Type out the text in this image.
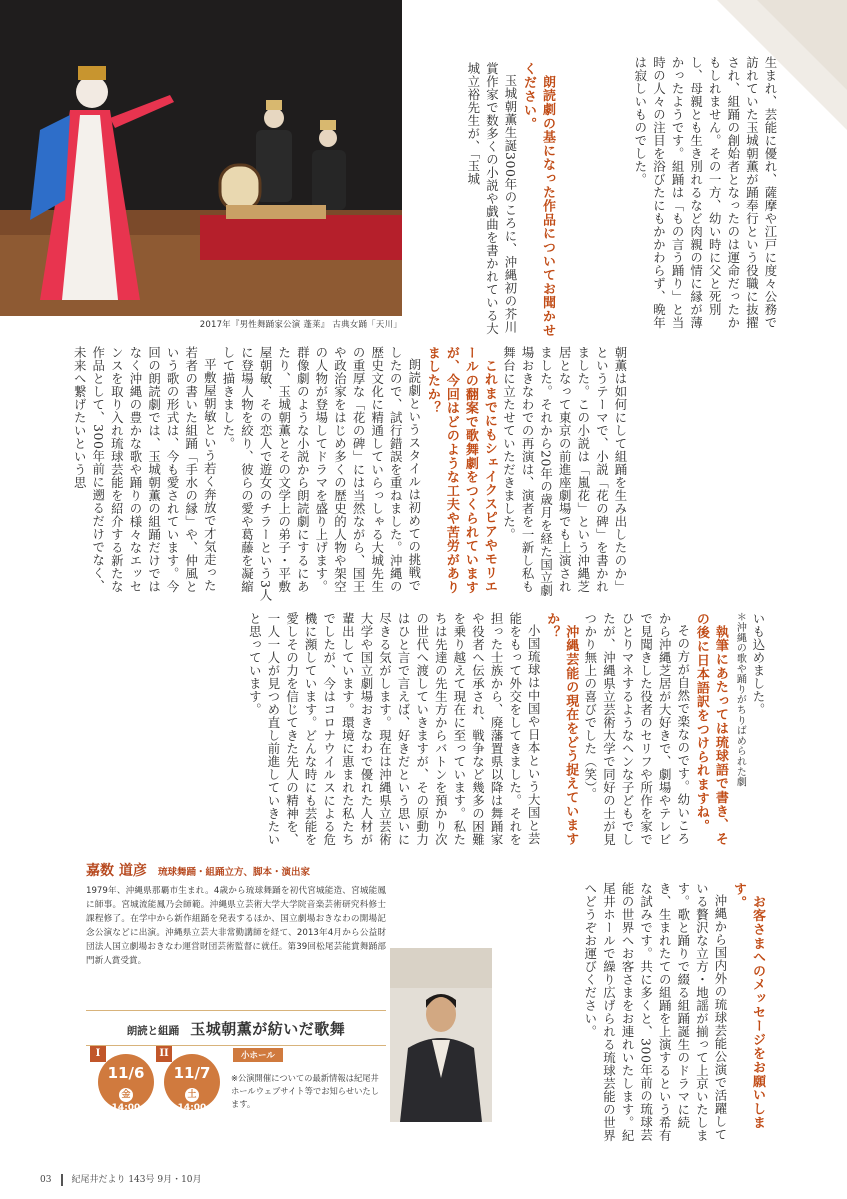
2017年『男性舞踊家公演 蓬莱』 古典女踊「天川」	生まれ、芸能に優れ、薩摩や江戸に度々公務で訪れていた玉城朝薫が踊奉行という役職に抜擢され、組踊の創始者となったのは運命だったかもしれません。その一方、幼い時に父と死別し、母親とも生き別れるなど肉親の情に縁が薄かったようです。組踊は「もの言う踊り」と当時の人々の注目を浴びたにもかかわらず、晩年は寂しいものでした。

朗読劇の基になった作品についてお聞かせください。

玉城朝薫生誕300年のころに、沖縄初の芥川賞作家で数多くの小説や戯曲を書かれている大城立裕先生が、「玉城

朝薫は如何にして組踊を生み出したのか」というテーマで、小説「花の碑」を書かれました。この小説は「嵐花」という沖縄芝居となって東京の前進座劇場でも上演されました。それから20年の歳月を経た国立劇場おきなわでの再演は、演者を一新し私も舞台に立たせていただきました。

これまでにもシェイクスピアやモリエールの翻案で歌舞劇をつくられていますが、今回はどのような工夫や苦労がありましたか？

朗読劇というスタイルは初めての挑戦でしたので、試行錯誤を重ねました。沖縄の歴史文化に精通していらっしゃる大城先生の重厚な「花の碑」には当然ながら、国王や政治家をはじめ多くの歴史的人物や架空の人物が登場してドラマを盛り上げます。群像劇のような小説から朗読劇にするにあたり、玉城朝薫とその文学上の弟子・平敷屋朝敏、その恋人で遊女のチラーという3人に登場人物を絞り、彼らの愛や葛藤を凝縮して描きました。

平敷屋朝敏という若く奔放で才気走った若者の書いた組踊「手水の縁」や、仲風という歌の形式は、今も愛されています。今回の朗読劇では、玉城朝薫の組踊だけではなく沖縄の豊かな歌や踊りの様々なエッセンスを取り入れ琉球芸能を紹介する新たな作品として、300年前に遡るだけでなく、未来へ繋げたいという思

いも込めました。

＊沖縄の歌や踊りがちりばめられた劇

執筆にあたっては琉球語で書き、その後に日本語訳をつけられますね。

その方が自然で楽なのです。幼いころから沖縄芝居が大好きで、劇場やテレビで見聞きした役者のセリフや所作を家でひとりマネするようなヘンな子どもでしたが、沖縄県立芸術大学で同好の士が見つかり無上の喜びでした（笑）。

沖縄芸能の現在をどう捉えていますか？

小国琉球は中国や日本という大国と芸能をもって外交をしてきました。それを担った士族から、廃藩置県以降は舞踊家や役者へ伝承され、戦争など幾多の困難を乗り越えて現在に至っています。私たちは先達の先生方からバトンを預かり次の世代へ渡していきますが、その原動力はひと言で言えば、好きだという思いに尽きる気がします。現在は沖縄県立芸術大学や国立劇場おきなわで優れた人材が輩出しています。環境に恵まれた私たちでしたが、今はコロナウイルスによる危機に瀕しています。どんな時にも芸能を愛しその力を信じてきた先人の精神を、一人一人が見つめ直し前進していきたいと思っています。

お客さまへのメッセージをお願いします。

沖縄から国内外の琉球芸能公演で活躍している贅沢な立方・地謡が揃って上京いたします。歌と踊りで綴る組踊誕生のドラマに続き、生まれたての組踊を上演するという希有な試みです。共に多くと、300年前の琉球芸能の世界へお客さまをお連れいたします。紀尾井ホールで繰り広げられる琉球芸能の世界へどうぞお運びください。

嘉数 道彦 琉球舞踊・組踊立方、脚本・演出家
1979年、沖縄県那覇市生まれ。4歳から琉球舞踊を初代宮城能造、宮城能鳳に師事。宮城流能鳳乃会師範。沖縄県立芸術大学大学院音楽芸術研究科修士課程修了。在学中から新作組踊を発表するほか、国立劇場おきなわの開場記念公演などに出演。沖縄県立芸大非常勤講師を経て、2013年4月から公益財団法人国立劇場おきなわ運営財団芸術監督に就任。第39回松尾芸能賞舞踊部門新人賞受賞。
朗読と組踊 玉城朝薫が紡いだ歌舞
I
11/6
金
14:00
II
11/7
土
14:00
小ホール
※公演開催についての最新情報は紀尾井ホールウェブサイト等でお知らせいたします。
03 紀尾井だより 143号 9月・10月
